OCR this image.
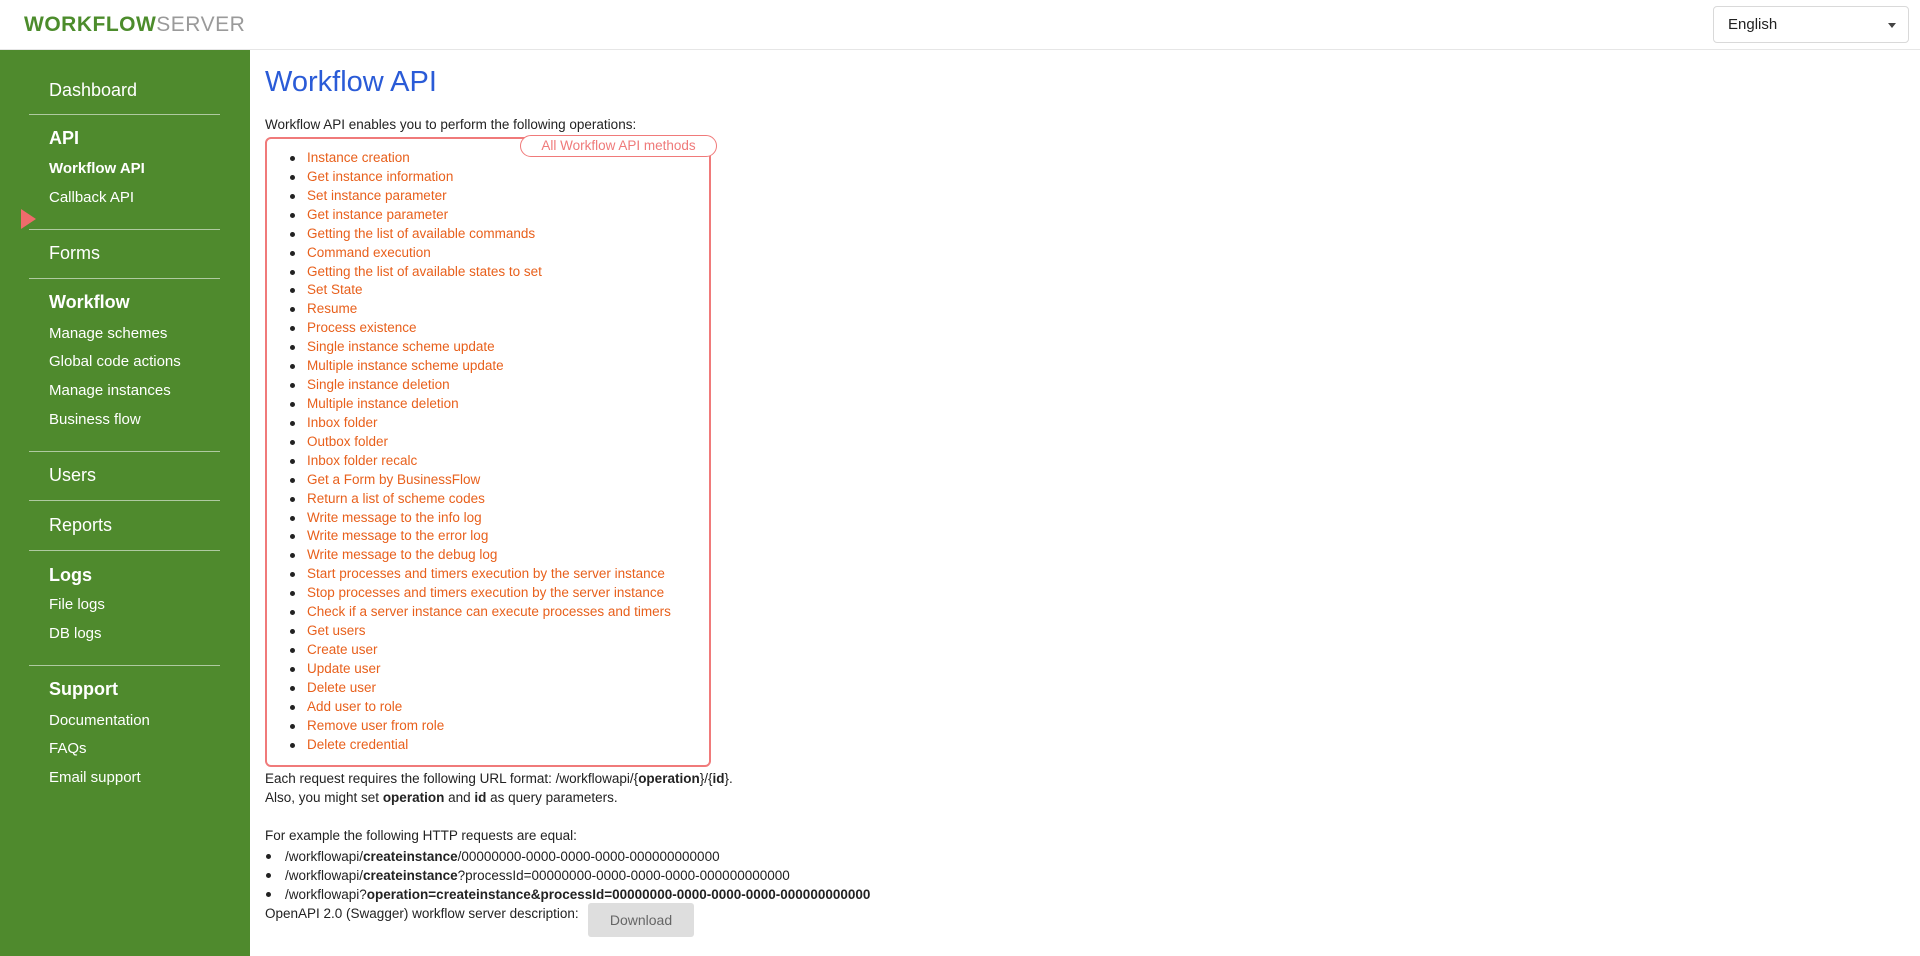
WORKFLOWSERVER	English
Dashboard
API
Workflow API
Callback API
Forms
Workflow
Manage schemes
Global code actions
Manage instances
Business flow
Users
Reports
Logs
File logs
DB logs
Support
Documentation
FAQs
Email support
Workflow API
Workflow API enables you to perform the following operations:
All Workflow API methods
Instance creation
Get instance information
Set instance parameter
Get instance parameter
Getting the list of available commands
Command execution
Getting the list of available states to set
Set State
Resume
Process existence
Single instance scheme update
Multiple instance scheme update
Single instance deletion
Multiple instance deletion
Inbox folder
Outbox folder
Inbox folder recalc
Get a Form by BusinessFlow
Return a list of scheme codes
Write message to the info log
Write message to the error log
Write message to the debug log
Start processes and timers execution by the server instance
Stop processes and timers execution by the server instance
Check if a server instance can execute processes and timers
Get users
Create user
Update user
Delete user
Add user to role
Remove user from role
Delete credential
Each request requires the following URL format: /workflowapi/{operation}/{id}.
Also, you might set operation and id as query parameters.
For example the following HTTP requests are equal:
/workflowapi/createinstance/00000000-0000-0000-0000-000000000000
/workflowapi/createinstance?processId=00000000-0000-0000-0000-000000000000
/workflowapi?operation=createinstance&processId=00000000-0000-0000-0000-000000000000
OpenAPI 2.0 (Swagger) workflow server description:	Download
